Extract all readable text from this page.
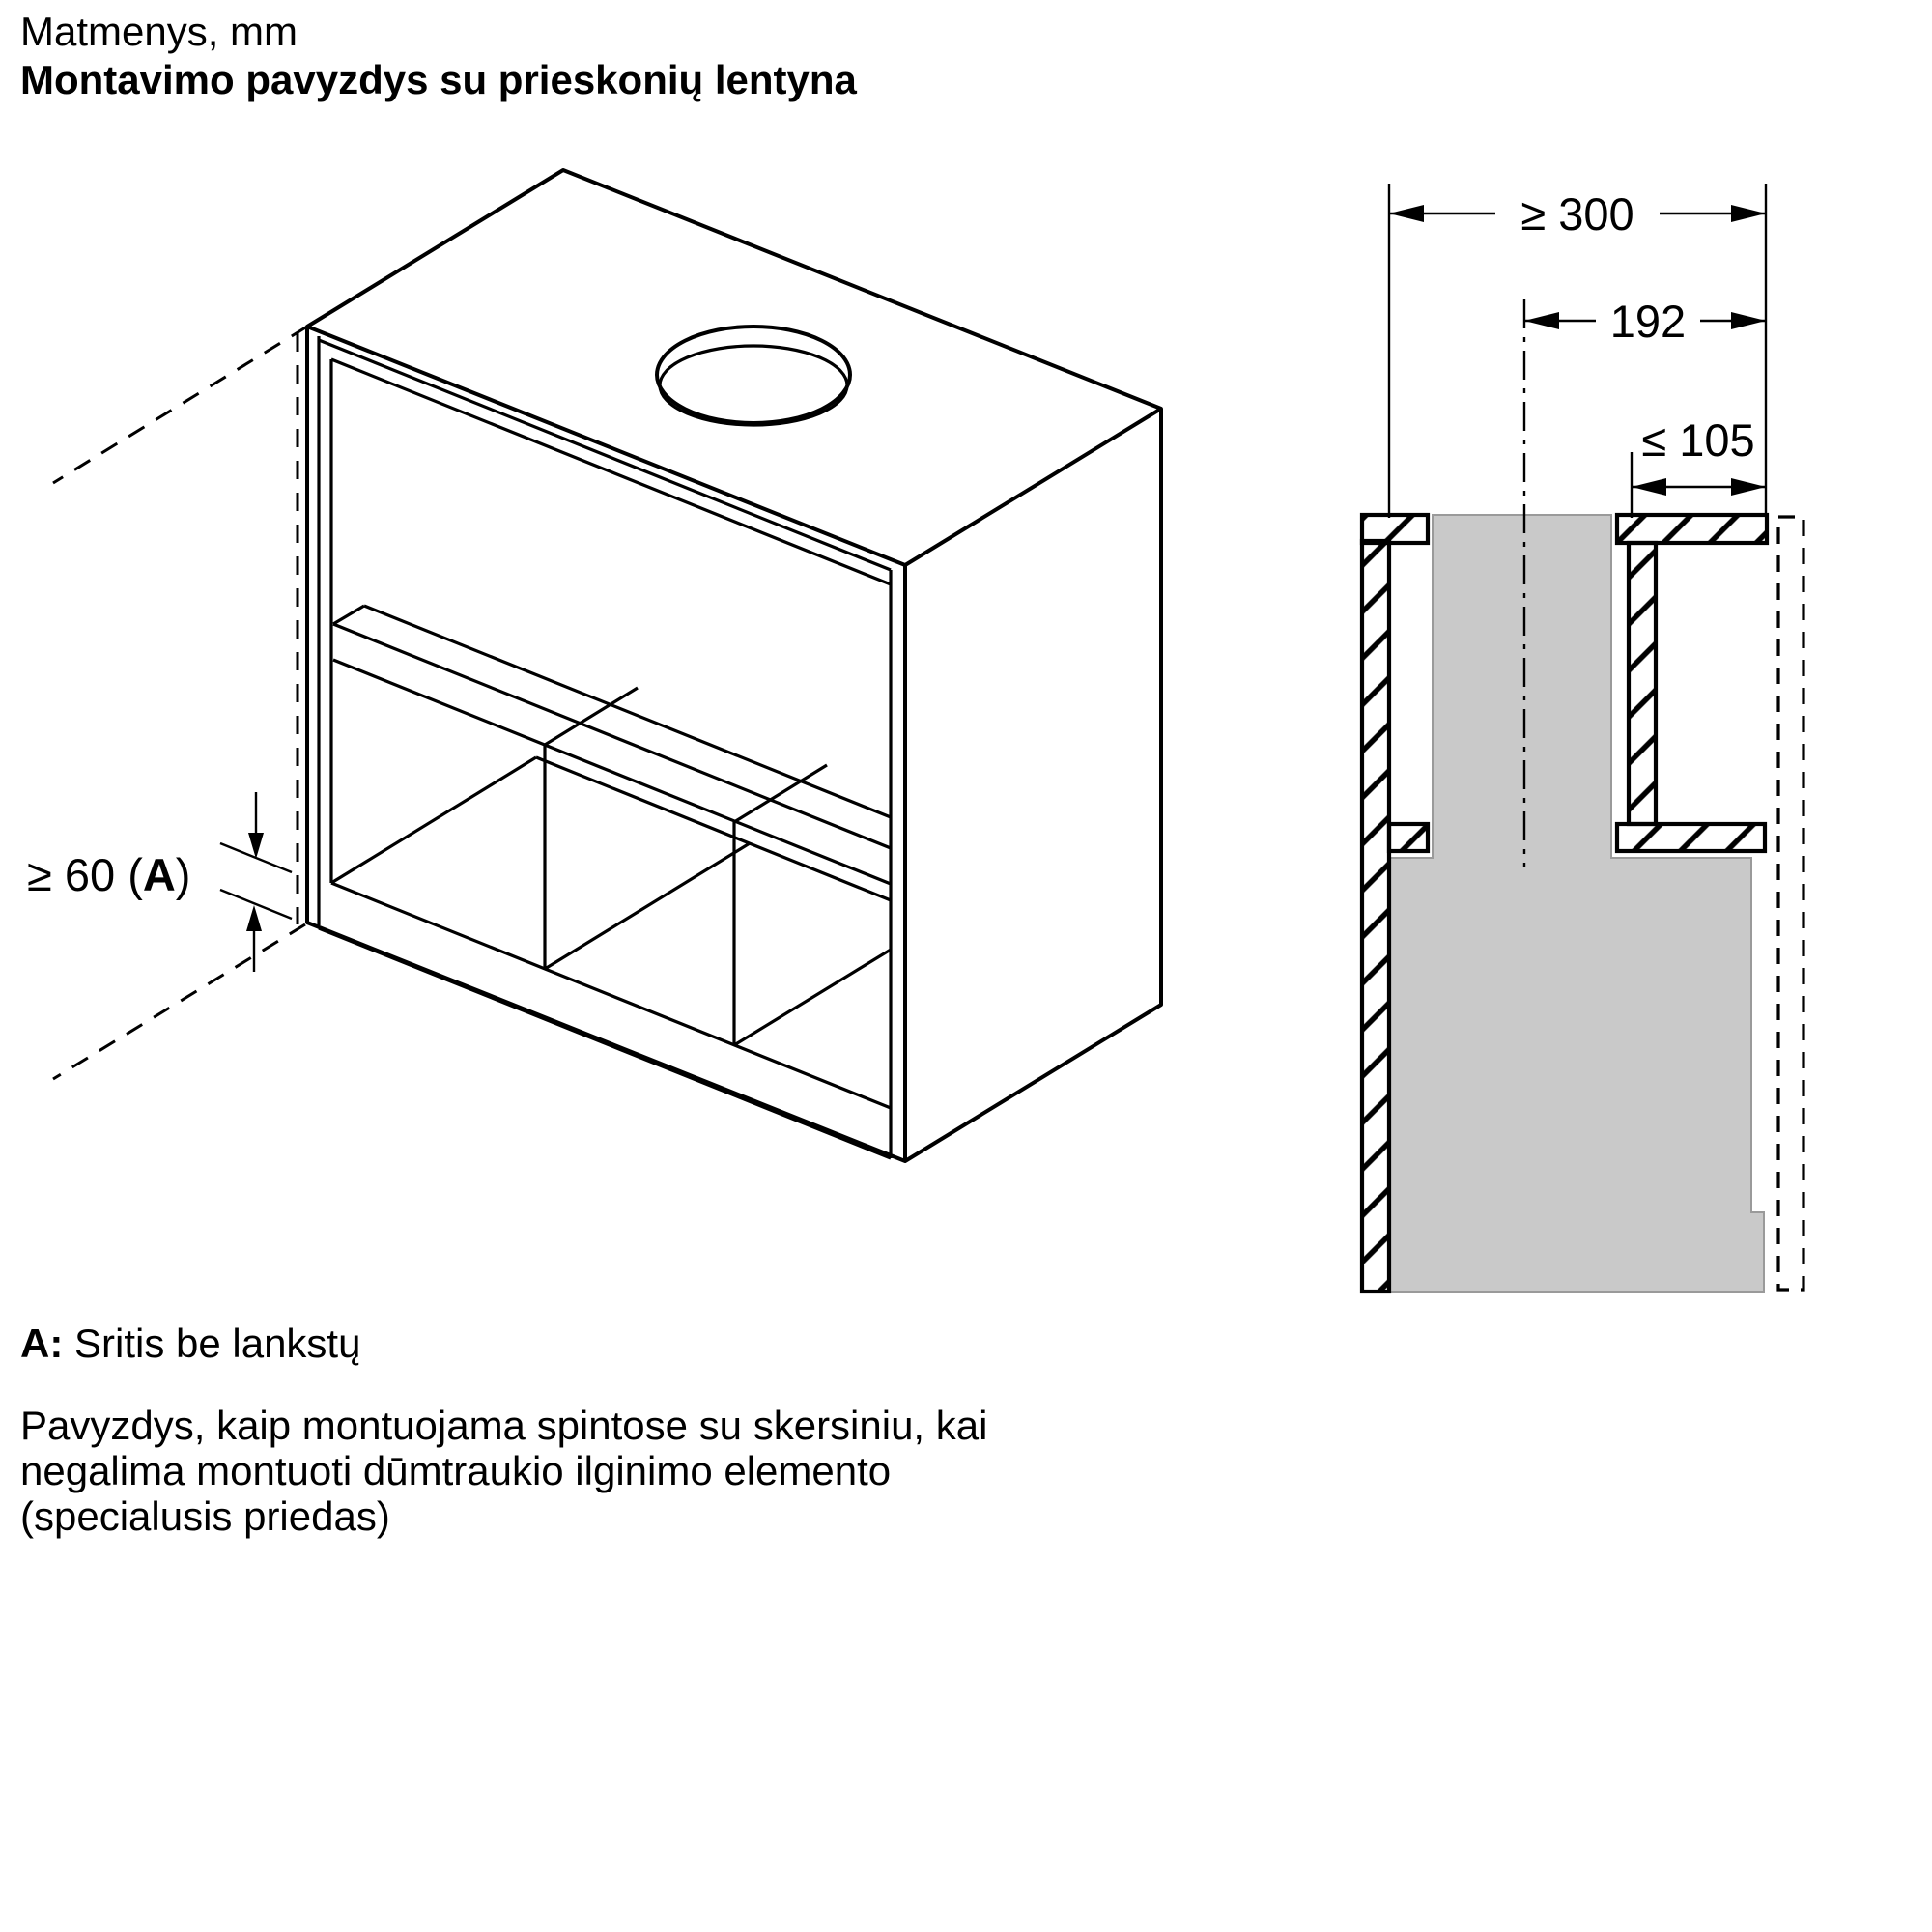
Matmenys, mm
Montavimo pavyzdys su prieskonių lentyna
≥ 60 (A)
≥ 300
192
≤ 105
A: Sritis be lankstų
Pavyzdys, kaip montuojama spintose su skersiniu, kai
negalima montuoti dūmtraukio ilginimo elemento
(specialusis priedas)
